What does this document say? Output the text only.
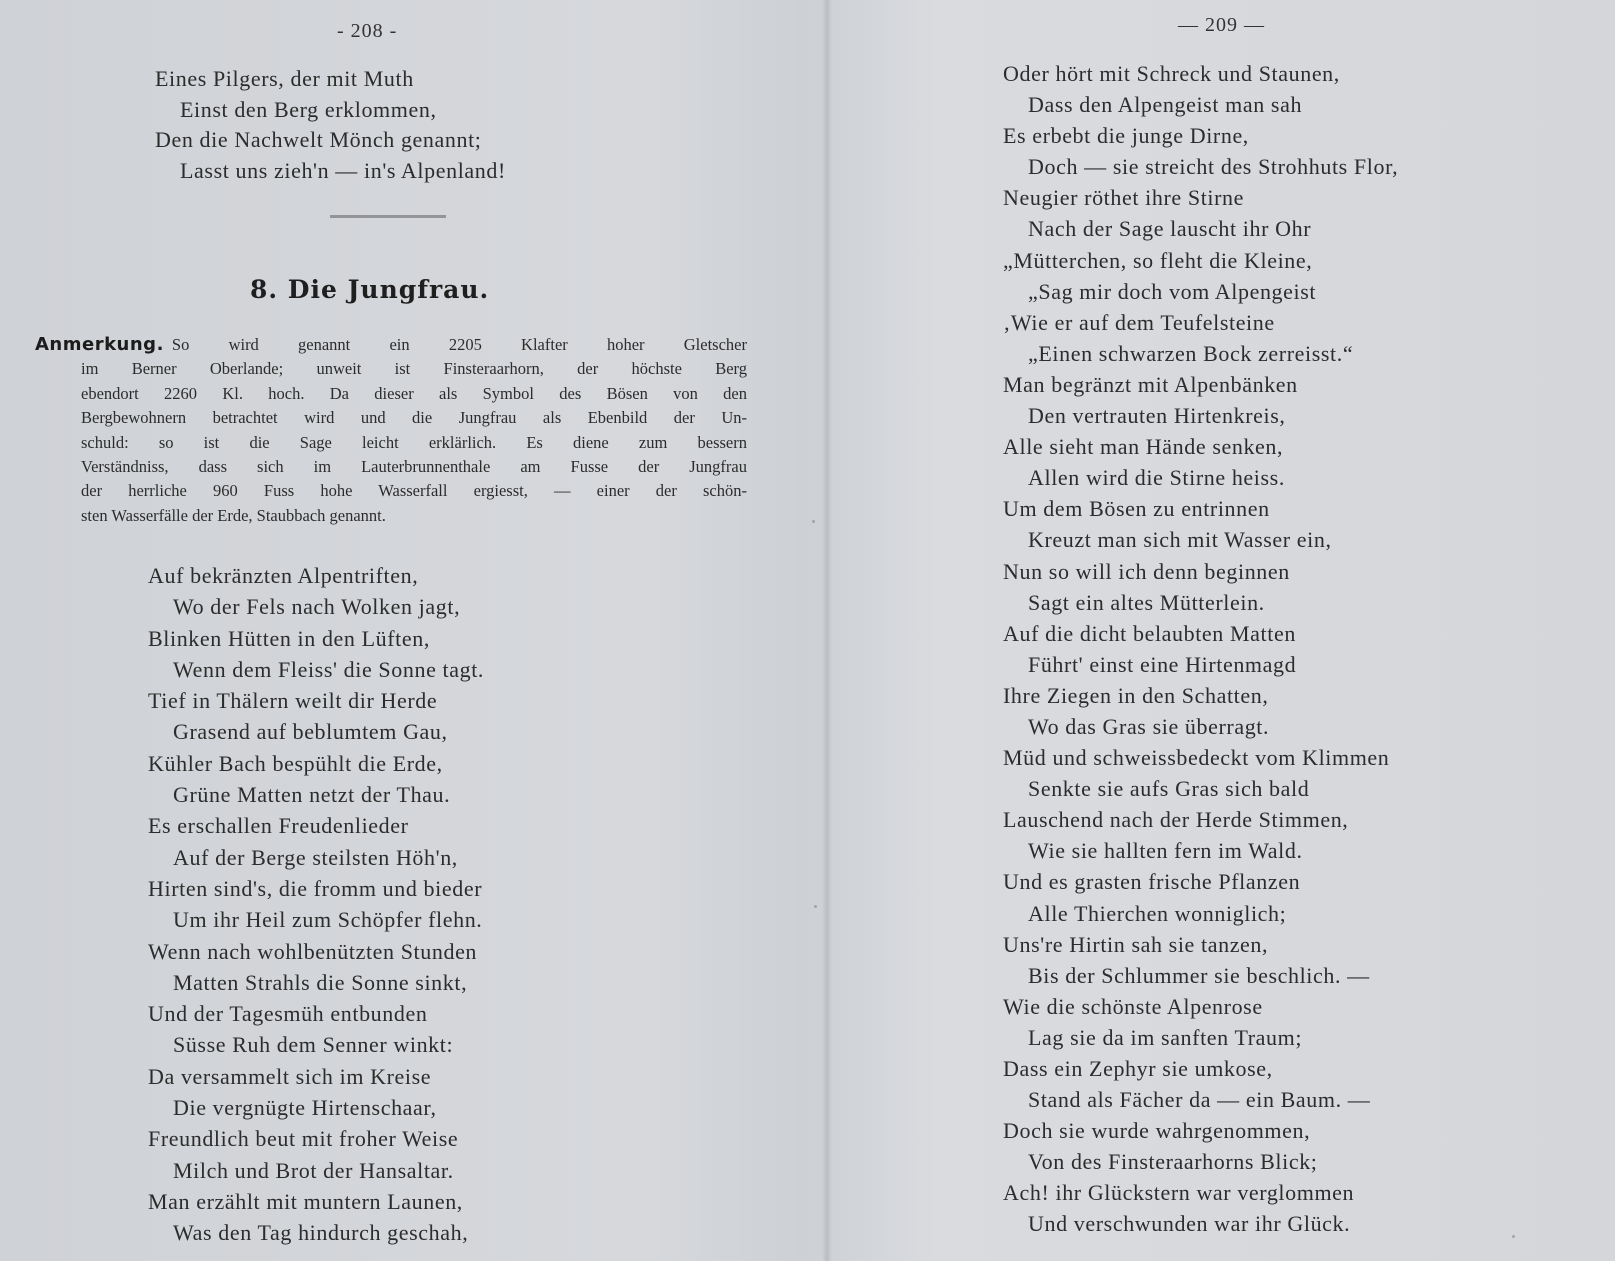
- 208 -
Eines Pilgers, der mit Muth
Einst den Berg erklommen,
Den die Nachwelt Mönch genannt;
Lasst uns zieh'n — in's Alpenland!
8. Die Jungfrau.
Anmerkung. So wird genannt ein 2205 Klafter hoher Gletscher
im Berner Oberlande; unweit ist Finsteraarhorn, der höchste Berg
ebendort 2260 Kl. hoch. Da dieser als Symbol des Bösen von den
Bergbewohnern betrachtet wird und die Jungfrau als Ebenbild der Un-
schuld: so ist die Sage leicht erklärlich. Es diene zum bessern
Verständniss, dass sich im Lauterbrunnenthale am Fusse der Jungfrau
der herrliche 960 Fuss hohe Wasserfall ergiesst, — einer der schön-
sten Wasserfälle der Erde, Staubbach genannt.
Auf bekränzten Alpentriften,
Wo der Fels nach Wolken jagt,
Blinken Hütten in den Lüften,
Wenn dem Fleiss' die Sonne tagt.
Tief in Thälern weilt dir Herde
Grasend auf beblumtem Gau,
Kühler Bach bespühlt die Erde,
Grüne Matten netzt der Thau.
Es erschallen Freudenlieder
Auf der Berge steilsten Höh'n,
Hirten sind's, die fromm und bieder
Um ihr Heil zum Schöpfer flehn.
Wenn nach wohlbenützten Stunden
Matten Strahls die Sonne sinkt,
Und der Tagesmüh entbunden
Süsse Ruh dem Senner winkt:
Da versammelt sich im Kreise
Die vergnügte Hirtenschaar,
Freundlich beut mit froher Weise
Milch und Brot der Hansaltar.
Man erzählt mit muntern Launen,
Was den Tag hindurch geschah,
— 209 —
Oder hört mit Schreck und Staunen,
Dass den Alpengeist man sah
Es erbebt die junge Dirne,
Doch — sie streicht des Strohhuts Flor,
Neugier röthet ihre Stirne
Nach der Sage lauscht ihr Ohr
„Mütterchen, so fleht die Kleine,
„Sag mir doch vom Alpengeist
‚Wie er auf dem Teufelsteine
„Einen schwarzen Bock zerreisst.“
Man begränzt mit Alpenbänken
Den vertrauten Hirtenkreis,
Alle sieht man Hände senken,
Allen wird die Stirne heiss.
Um dem Bösen zu entrinnen
Kreuzt man sich mit Wasser ein,
Nun so will ich denn beginnen
Sagt ein altes Mütterlein.
Auf die dicht belaubten Matten
Führt' einst eine Hirtenmagd
Ihre Ziegen in den Schatten,
Wo das Gras sie überragt.
Müd und schweissbedeckt vom Klimmen
Senkte sie aufs Gras sich bald
Lauschend nach der Herde Stimmen,
Wie sie hallten fern im Wald.
Und es grasten frische Pflanzen
Alle Thierchen wonniglich;
Uns're Hirtin sah sie tanzen,
Bis der Schlummer sie beschlich. —
Wie die schönste Alpenrose
Lag sie da im sanften Traum;
Dass ein Zephyr sie umkose,
Stand als Fächer da — ein Baum. —
Doch sie wurde wahrgenommen,
Von des Finsteraarhorns Blick;
Ach! ihr Glückstern war verglommen
Und verschwunden war ihr Glück.
